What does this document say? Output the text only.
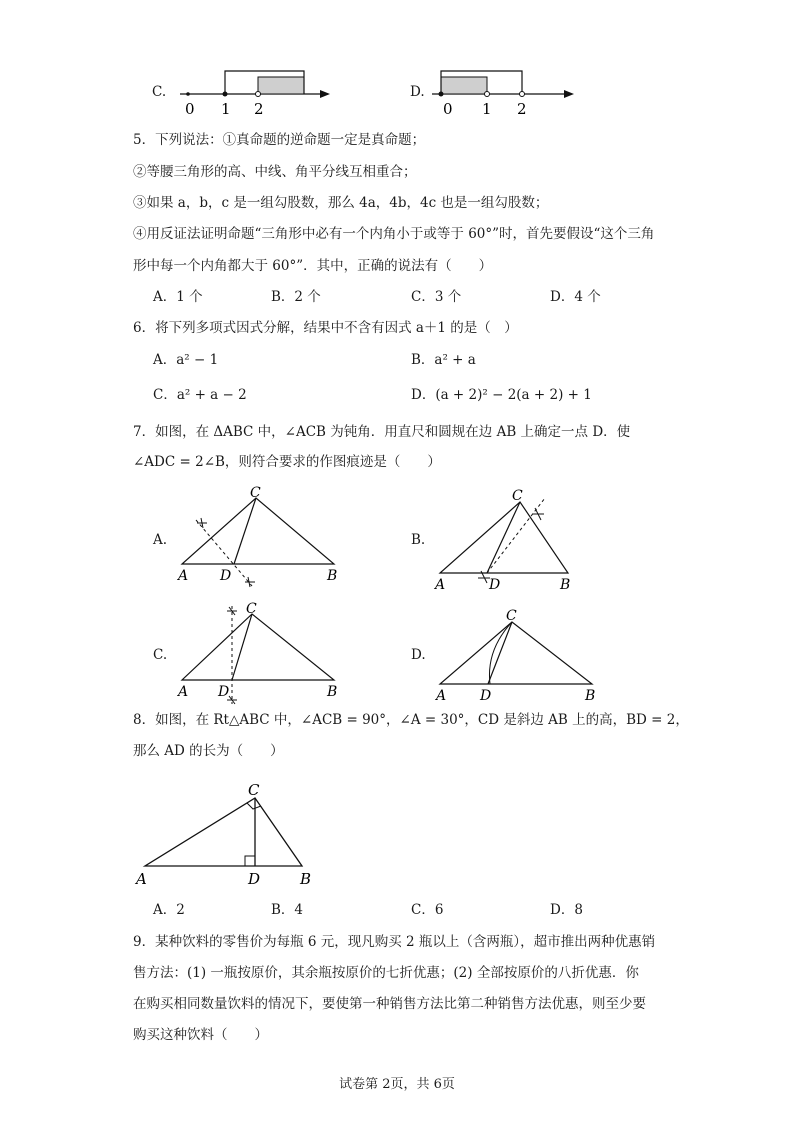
C.
0 1 2
D.
0 1 2
5．下列说法：①真命题的逆命题一定是真命题；
②等腰三角形的高、中线、角平分线互相重合；
③如果 a，b，c 是一组勾股数，那么 4a，4b，4c 也是一组勾股数；
④用反证法证明命题“三角形中必有一个内角小于或等于 60°”时，首先要假设“这个三角
形中每一个内角都大于 60°”．其中，正确的说法有（　　）
A．1 个	B．2 个	C．3 个	D．4 个
6．将下列多项式因式分解，结果中不含有因式 a＋1 的是（　）
A．a² − 1	B．a² + a
C．a² + a − 2	D．(a + 2)² − 2(a + 2) + 1
7．如图，在 ΔABC 中，∠ACB 为钝角．用直尺和圆规在边 AB 上确定一点 D．使
∠ADC = 2∠B，则符合要求的作图痕迹是（　　）
A.
C
A D	B
B.
C
A	D	B
C.
C
A D	B
D.
C
A D	B
8．如图，在 Rt△ABC 中，∠ACB = 90°，∠A = 30°，CD 是斜边 AB 上的高，BD = 2，
那么 AD 的长为（　　）
C
A	D	B
A．2	B．4	C．6	D．8
9．某种饮料的零售价为每瓶 6 元，现凡购买 2 瓶以上（含两瓶），超市推出两种优惠销
售方法：(1) 一瓶按原价，其余瓶按原价的七折优惠；(2) 全部按原价的八折优惠．你
在购买相同数量饮料的情况下，要使第一种销售方法比第二种销售方法优惠，则至少要
购买这种饮料（　　）
试卷第 2页，共 6页
